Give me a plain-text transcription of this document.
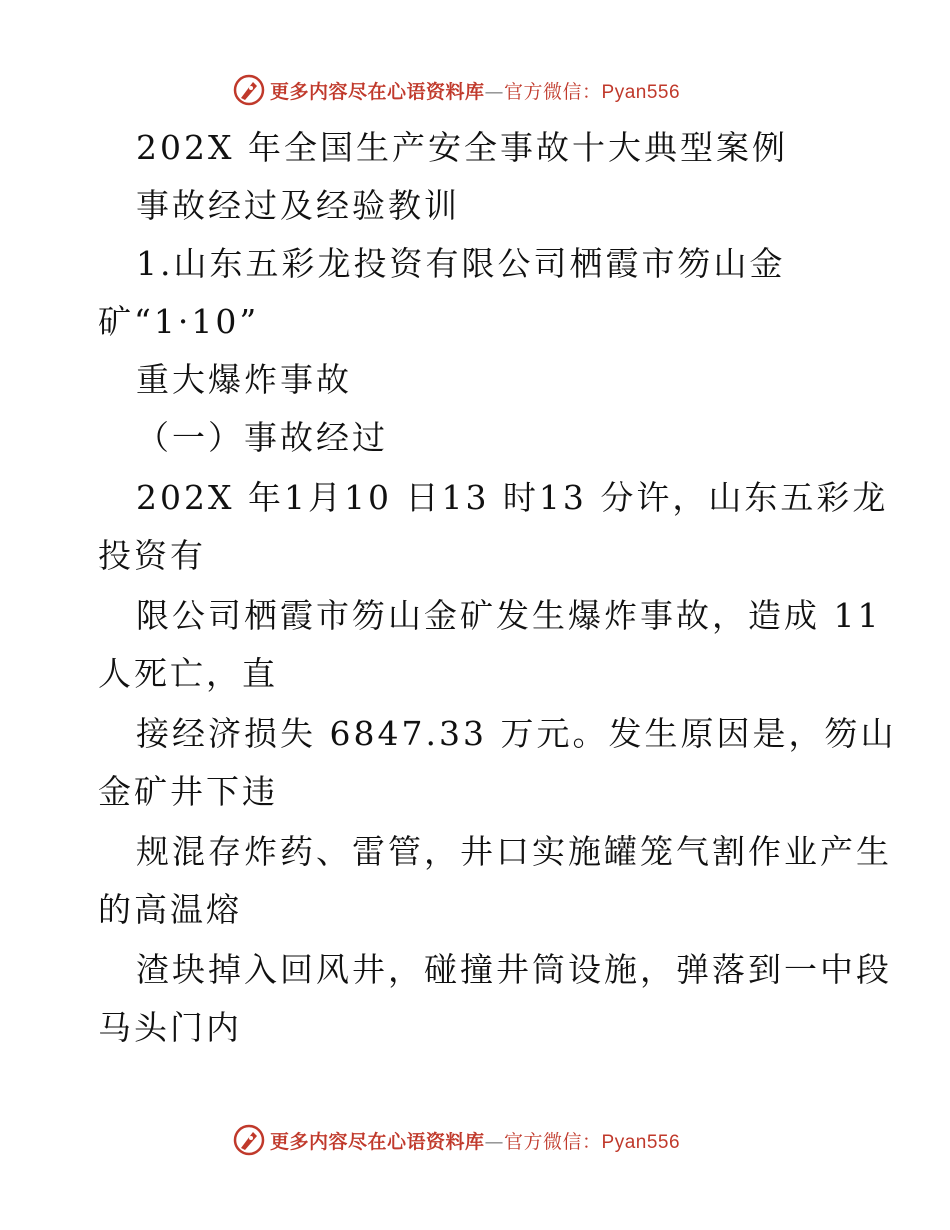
更多内容尽在心语资料库—官方微信：Pyan556
202X 年全国生产安全事故十大典型案例
事故经过及经验教训
1.山东五彩龙投资有限公司栖霞市笏山金
矿“1·10”
重大爆炸事故
（一）事故经过
202X 年1月10 日13 时13 分许，山东五彩龙
投资有
限公司栖霞市笏山金矿发生爆炸事故，造成 11
人死亡，直
接经济损失 6847.33 万元。发生原因是，笏山
金矿井下违
规混存炸药、雷管，井口实施罐笼气割作业产生
的高温熔
渣块掉入回风井，碰撞井筒设施，弹落到一中段
马头门内
更多内容尽在心语资料库—官方微信：Pyan556
